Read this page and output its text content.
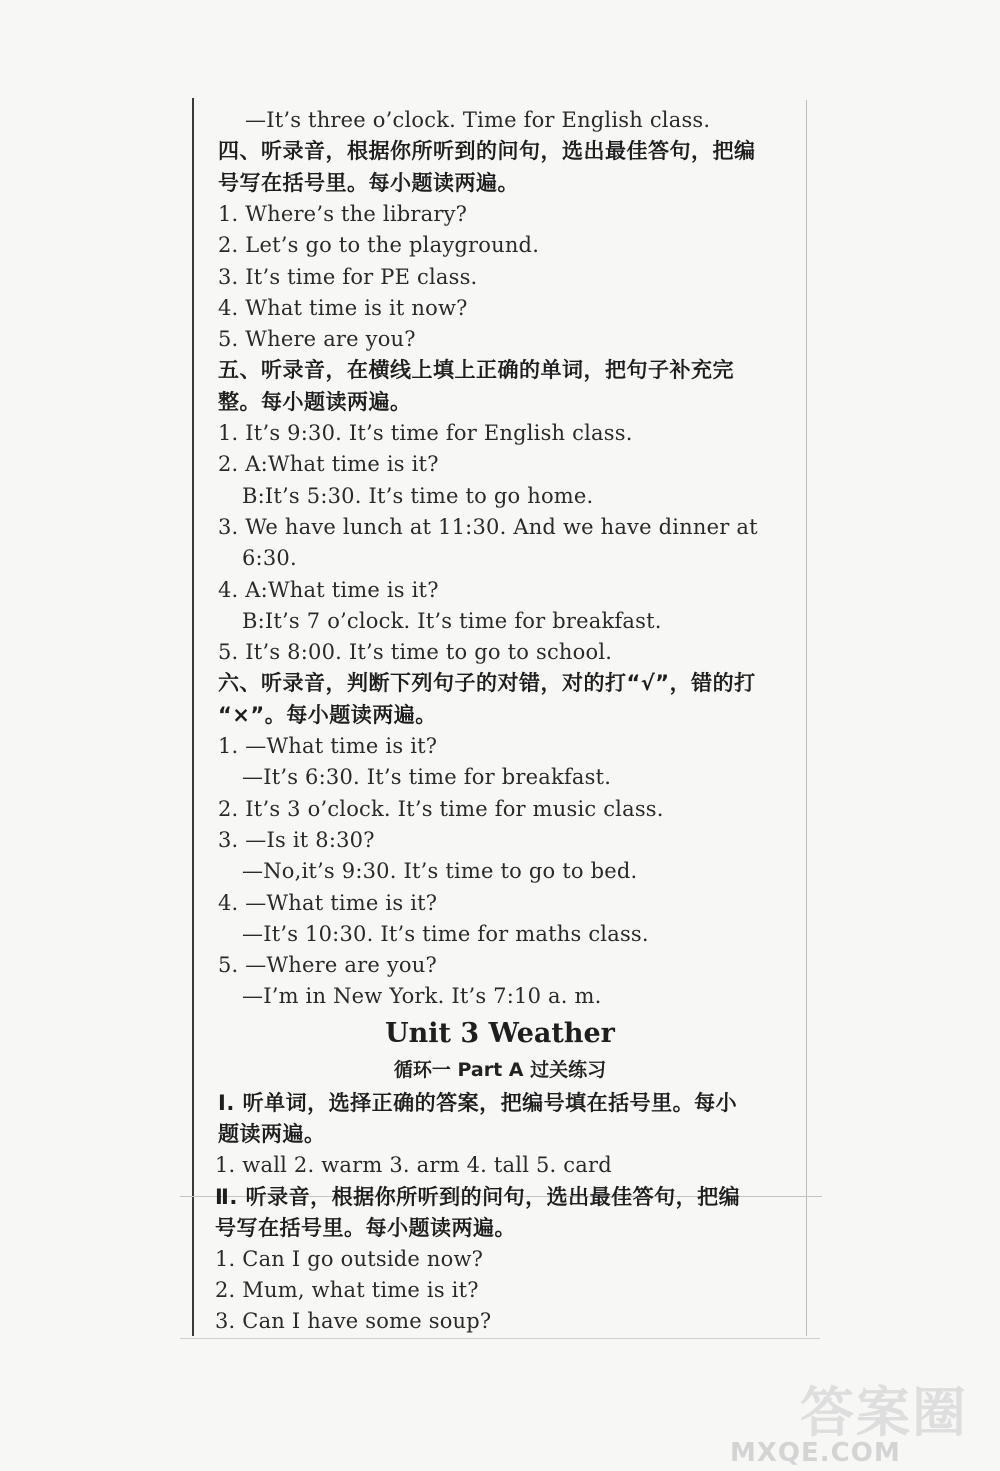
—It’s three o’clock. Time for English class.
四、听录音，根据你所听到的问句，选出最佳答句，把编
号写在括号里。每小题读两遍。
1. Where’s the library?
2. Let’s go to the playground.
3. It’s time for PE class.
4. What time is it now?
5. Where are you?
五、听录音，在横线上填上正确的单词，把句子补充完
整。每小题读两遍。
1. It’s 9:30. It’s time for English class.
2. A:What time is it?
B:It’s 5:30. It’s time to go home.
3. We have lunch at 11:30. And we have dinner at
6:30.
4. A:What time is it?
B:It’s 7 o’clock. It’s time for breakfast.
5. It’s 8:00. It’s time to go to school.
六、听录音，判断下列句子的对错，对的打“√”，错的打
“×”。每小题读两遍。
1. —What time is it?
—It’s 6:30. It’s time for breakfast.
2. It’s 3 o’clock. It’s time for music class.
3. —Is it 8:30?
—No,it’s 9:30. It’s time to go to bed.
4. —What time is it?
—It’s 10:30. It’s time for maths class.
5. —Where are you?
—I’m in New York. It’s 7:10 a. m.
Unit 3 Weather
循环一 Part A 过关练习
Ⅰ. 听单词，选择正确的答案，把编号填在括号里。每小
题读两遍。
1. wall 2. warm 3. arm 4. tall 5. card
Ⅱ. 听录音，根据你所听到的问句，选出最佳答句，把编
号写在括号里。每小题读两遍。
1. Can I go outside now?
2. Mum, what time is it?
3. Can I have some soup?
答案圈
MXQE.COM
